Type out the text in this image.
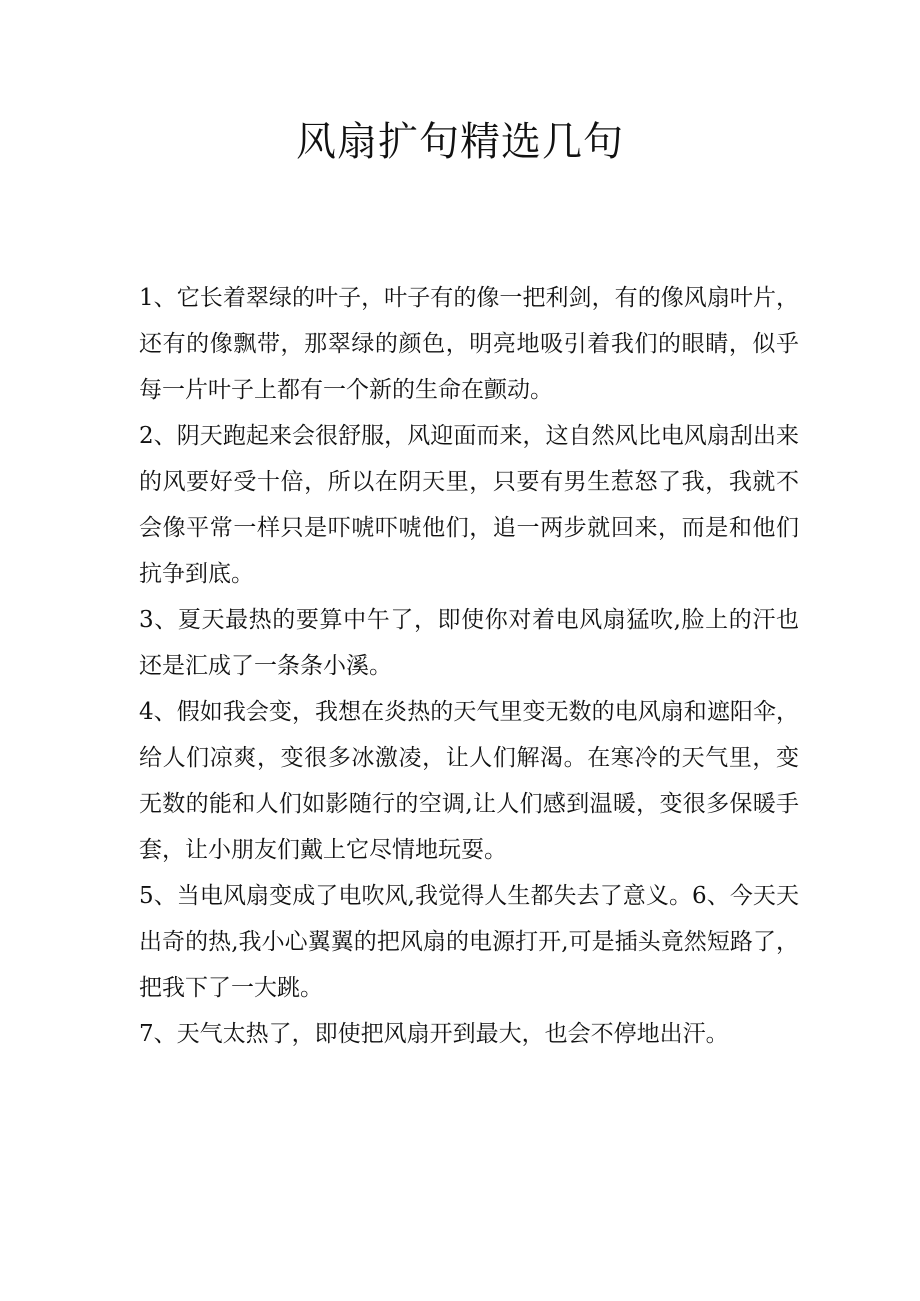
风扇扩句精选几句

1、它长着翠绿的叶子，叶子有的像一把利剑，有的像风扇叶片，还有的像飘带，那翠绿的颜色，明亮地吸引着我们的眼睛，似乎每一片叶子上都有一个新的生命在颤动。

2、阴天跑起来会很舒服，风迎面而来，这自然风比电风扇刮出来的风要好受十倍，所以在阴天里，只要有男生惹怒了我，我就不会像平常一样只是吓唬吓唬他们，追一两步就回来，而是和他们抗争到底。

3、夏天最热的要算中午了，即使你对着电风扇猛吹,脸上的汗也还是汇成了一条条小溪。

4、假如我会变，我想在炎热的天气里变无数的电风扇和遮阳伞，给人们凉爽，变很多冰激凌，让人们解渴。在寒冷的天气里，变无数的能和人们如影随行的空调,让人们感到温暖，变很多保暖手套，让小朋友们戴上它尽情地玩耍。

5、当电风扇变成了电吹风,我觉得人生都失去了意义。6、今天天出奇的热,我小心翼翼的把风扇的电源打开,可是插头竟然短路了，把我下了一大跳。

7、天气太热了，即使把风扇开到最大，也会不停地出汗。
